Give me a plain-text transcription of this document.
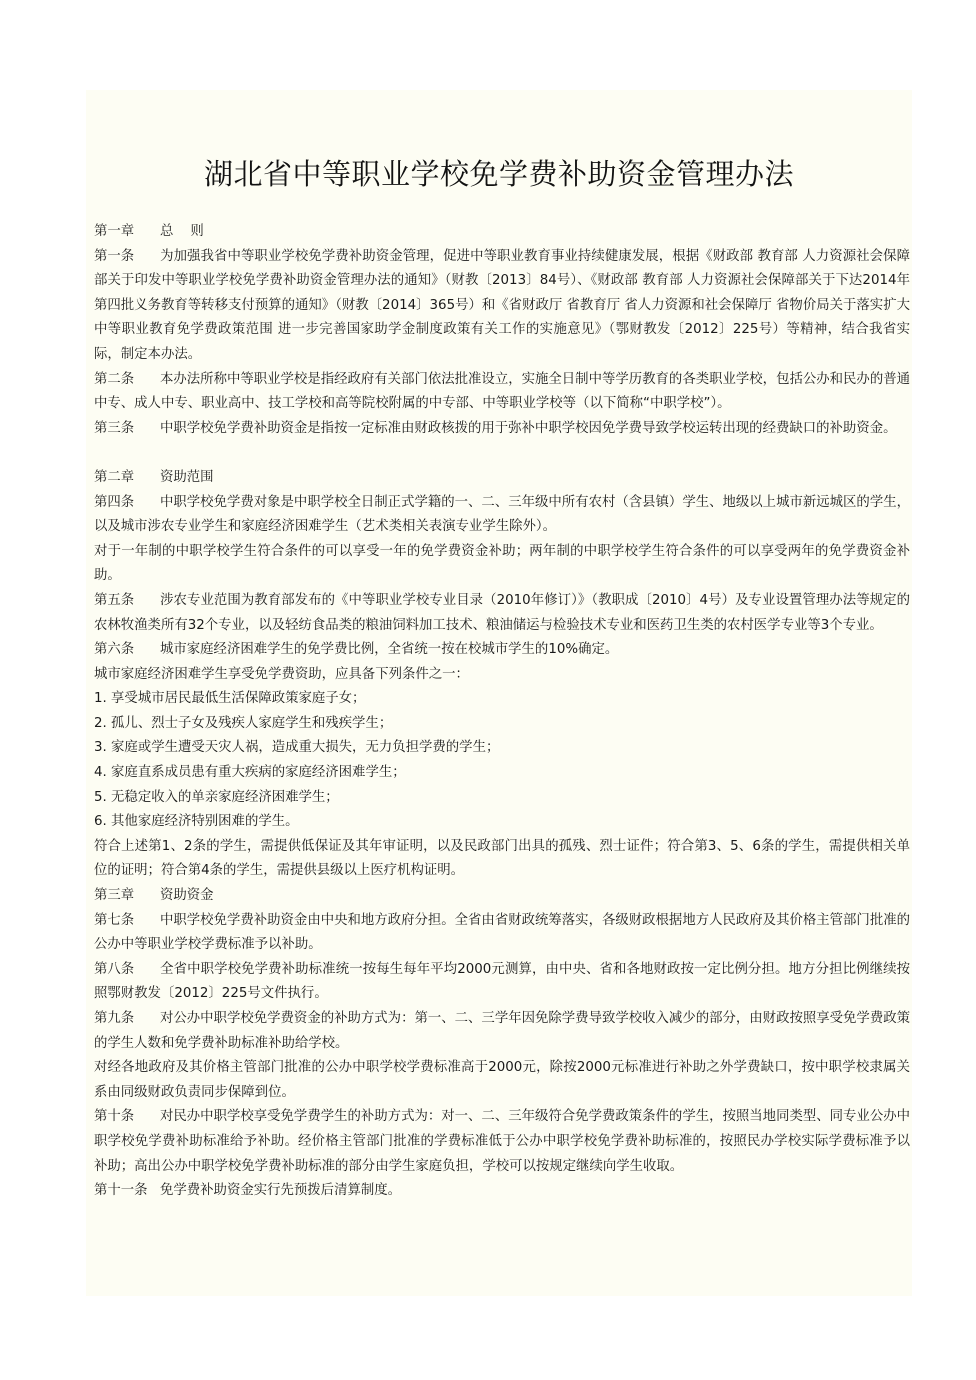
湖北省中等职业学校免学费补助资金管理办法

第一章 总    则

第一条 为加强我省中等职业学校免学费补助资金管理，促进中等职业教育事业持续健康发展，根据《财政部 教育部 人力资源社会保障部关于印发中等职业学校免学费补助资金管理办法的通知》（财教〔2013〕84号）、《财政部 教育部 人力资源社会保障部关于下达2014年第四批义务教育等转移支付预算的通知》（财教〔2014〕365号）和《省财政厅 省教育厅 省人力资源和社会保障厅 省物价局关于落实扩大中等职业教育免学费政策范围 进一步完善国家助学金制度政策有关工作的实施意见》（鄂财教发〔2012〕225号）等精神，结合我省实际，制定本办法。

第二条 本办法所称中等职业学校是指经政府有关部门依法批准设立，实施全日制中等学历教育的各类职业学校，包括公办和民办的普通中专、成人中专、职业高中、技工学校和高等院校附属的中专部、中等职业学校等（以下简称“中职学校”）。

第三条 中职学校免学费补助资金是指按一定标准由财政核拨的用于弥补中职学校因免学费导致学校运转出现的经费缺口的补助资金。

第二章 资助范围

第四条 中职学校免学费对象是中职学校全日制正式学籍的一、二、三年级中所有农村（含县镇）学生、地级以上城市新远城区的学生，以及城市涉农专业学生和家庭经济困难学生（艺术类相关表演专业学生除外）。

对于一年制的中职学校学生符合条件的可以享受一年的免学费资金补助；两年制的中职学校学生符合条件的可以享受两年的免学费资金补助。

第五条 涉农专业范围为教育部发布的《中等职业学校专业目录（2010年修订）》（教职成〔2010〕4号）及专业设置管理办法等规定的农林牧渔类所有32个专业，以及轻纺食品类的粮油饲料加工技术、粮油储运与检验技术专业和医药卫生类的农村医学专业等3个专业。

第六条 城市家庭经济困难学生的免学费比例，全省统一按在校城市学生的10%确定。

城市家庭经济困难学生享受免学费资助，应具备下列条件之一：

1. 享受城市居民最低生活保障政策家庭子女；

2. 孤儿、烈士子女及残疾人家庭学生和残疾学生；

3. 家庭或学生遭受天灾人祸，造成重大损失，无力负担学费的学生；

4. 家庭直系成员患有重大疾病的家庭经济困难学生；

5. 无稳定收入的单亲家庭经济困难学生；

6. 其他家庭经济特别困难的学生。

符合上述第1、2条的学生，需提供低保证及其年审证明，以及民政部门出具的孤残、烈士证件；符合第3、5、6条的学生，需提供相关单位的证明；符合第4条的学生，需提供县级以上医疗机构证明。

第三章 资助资金

第七条 中职学校免学费补助资金由中央和地方政府分担。全省由省财政统筹落实，各级财政根据地方人民政府及其价格主管部门批准的公办中等职业学校学费标准予以补助。

第八条 全省中职学校免学费补助标准统一按每生每年平均2000元测算，由中央、省和各地财政按一定比例分担。地方分担比例继续按照鄂财教发〔2012〕225号文件执行。

第九条 对公办中职学校免学费资金的补助方式为：第一、二、三学年因免除学费导致学校收入减少的部分，由财政按照享受免学费政策的学生人数和免学费补助标准补助给学校。

对经各地政府及其价格主管部门批准的公办中职学校学费标准高于2000元，除按2000元标准进行补助之外学费缺口，按中职学校隶属关系由同级财政负责同步保障到位。

第十条 对民办中职学校享受免学费学生的补助方式为：对一、二、三年级符合免学费政策条件的学生，按照当地同类型、同专业公办中职学校免学费补助标准给予补助。经价格主管部门批准的学费标准低于公办中职学校免学费补助标准的，按照民办学校实际学费标准予以补助；高出公办中职学校免学费补助标准的部分由学生家庭负担，学校可以按规定继续向学生收取。

第十一条 免学费补助资金实行先预拨后清算制度。
